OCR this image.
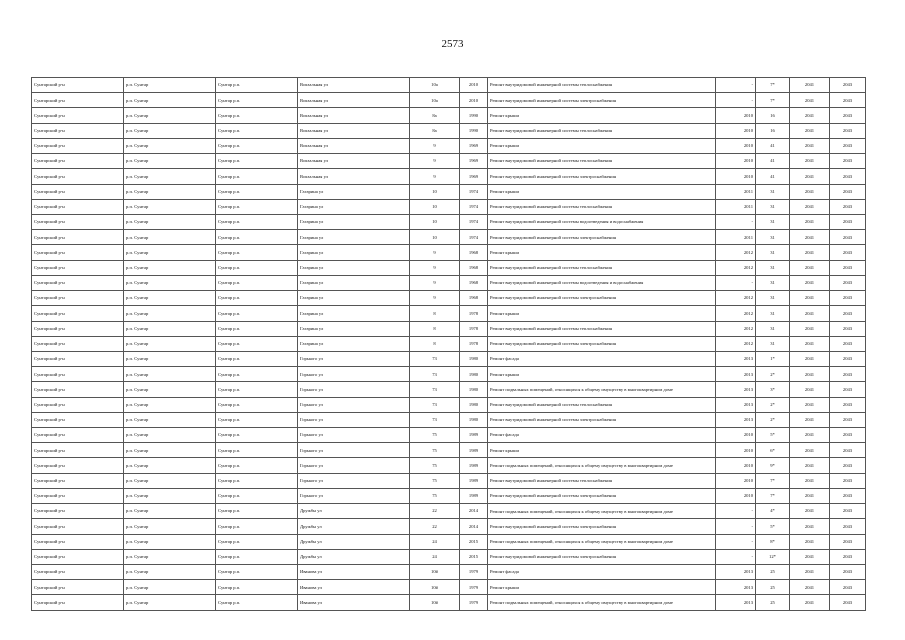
2573
Сунтарский р-н	р.п. Сунтар	Сунтар р.п.	Вокзальная ул	10а	2010	Ремонт внутридомовой инженерной системы теплоснабжения	-	7*	2041	2043
Сунтарский р-н	р.п. Сунтар	Сунтар р.п.	Вокзальная ул	10а	2010	Ремонт внутридомовой инженерной системы электроснабжения	-	7*	2041	2043
Сунтарский р-н	р.п. Сунтар	Сунтар р.п.	Вокзальная ул	8а	1990	Ремонт крыши	2010	16	2041	2043
Сунтарский р-н	р.п. Сунтар	Сунтар р.п.	Вокзальная ул	8а	1990	Ремонт внутридомовой инженерной системы теплоснабжения	2010	16	2041	2043
Сунтарский р-н	р.п. Сунтар	Сунтар р.п.	Вокзальная ул	9	1969	Ремонт крыши	2010	41	2041	2043
Сунтарский р-н	р.п. Сунтар	Сунтар р.п.	Вокзальная ул	9	1969	Ремонт внутридомовой инженерной системы теплоснабжения	2010	41	2041	2043
Сунтарский р-н	р.п. Сунтар	Сунтар р.п.	Вокзальная ул	9	1969	Ремонт внутридомовой инженерной системы электроснабжения	2010	41	2041	2043
Сунтарский р-н	р.п. Сунтар	Сунтар р.п.	Гагарина ул	10	1974	Ремонт крыши	2011	31	2041	2043
Сунтарский р-н	р.п. Сунтар	Сунтар р.п.	Гагарина ул	10	1974	Ремонт внутридомовой инженерной системы теплоснабжения	2011	31	2041	2043
Сунтарский р-н	р.п. Сунтар	Сунтар р.п.	Гагарина ул	10	1974	Ремонт внутридомовой инженерной системы водоотведения и водоснабжения	-	31	2041	2043
Сунтарский р-н	р.п. Сунтар	Сунтар р.п.	Гагарина ул	10	1974	Ремонт внутридомовой инженерной системы электроснабжения	2011	31	2041	2043
Сунтарский р-н	р.п. Сунтар	Сунтар р.п.	Гагарина ул	9	1968	Ремонт крыши	2012	31	2041	2043
Сунтарский р-н	р.п. Сунтар	Сунтар р.п.	Гагарина ул	9	1968	Ремонт внутридомовой инженерной системы теплоснабжения	2012	31	2041	2043
Сунтарский р-н	р.п. Сунтар	Сунтар р.п.	Гагарина ул	9	1968	Ремонт внутридомовой инженерной системы водоотведения и водоснабжения	-	31	2041	2043
Сунтарский р-н	р.п. Сунтар	Сунтар р.п.	Гагарина ул	9	1968	Ремонт внутридомовой инженерной системы электроснабжения	2012	31	2041	2043
Сунтарский р-н	р.п. Сунтар	Сунтар р.п.	Гагарина ул	8	1978	Ремонт крыши	2012	31	2041	2043
Сунтарский р-н	р.п. Сунтар	Сунтар р.п.	Гагарина ул	8	1978	Ремонт внутридомовой инженерной системы теплоснабжения	2012	31	2041	2043
Сунтарский р-н	р.п. Сунтар	Сунтар р.п.	Гагарина ул	8	1978	Ремонт внутридомовой инженерной системы электроснабжения	2012	31	2041	2043
Сунтарский р-н	р.п. Сунтар	Сунтар р.п.	Горького ул	73	1980	Ремонт фасада	2013	1*	2041	2043
Сунтарский р-н	р.п. Сунтар	Сунтар р.п.	Горького ул	73	1980	Ремонт крыши	2013	2*	2041	2043
Сунтарский р-н	р.п. Сунтар	Сунтар р.п.	Горького ул	73	1980	Ремонт подвальных помещений, относящихся к общему имуществу в многоквартирном доме	2013	3*	2041	2043
Сунтарский р-н	р.п. Сунтар	Сунтар р.п.	Горького ул	73	1980	Ремонт внутридомовой инженерной системы теплоснабжения	2013	2*	2041	2043
Сунтарский р-н	р.п. Сунтар	Сунтар р.п.	Горького ул	73	1980	Ремонт внутридомовой инженерной системы электроснабжения	2013	2*	2041	2043
Сунтарский р-н	р.п. Сунтар	Сунтар р.п.	Горького ул	75	1989	Ремонт фасада	2010	5*	2041	2043
Сунтарский р-н	р.п. Сунтар	Сунтар р.п.	Горького ул	75	1989	Ремонт крыши	2010	6*	2041	2043
Сунтарский р-н	р.п. Сунтар	Сунтар р.п.	Горького ул	75	1989	Ремонт подвальных помещений, относящихся к общему имуществу в многоквартирном доме	2010	9*	2041	2043
Сунтарский р-н	р.п. Сунтар	Сунтар р.п.	Горького ул	75	1989	Ремонт внутридомовой инженерной системы теплоснабжения	2010	7*	2041	2043
Сунтарский р-н	р.п. Сунтар	Сунтар р.п.	Горького ул	75	1989	Ремонт внутридомовой инженерной системы электроснабжения	2010	7*	2041	2043
Сунтарский р-н	р.п. Сунтар	Сунтар р.п.	Дружбы ул	22	2014	Ремонт подвальных помещений, относящихся к общему имуществу в многоквартирном доме	-	4*	2041	2043
Сунтарский р-н	р.п. Сунтар	Сунтар р.п.	Дружбы ул	22	2014	Ремонт внутридомовой инженерной системы электроснабжения	-	5*	2041	2043
Сунтарский р-н	р.п. Сунтар	Сунтар р.п.	Дружбы ул	24	2015	Ремонт подвальных помещений, относящихся к общему имуществу в многоквартирном доме	-	8*	2041	2043
Сунтарский р-н	р.п. Сунтар	Сунтар р.п.	Дружбы ул	24	2015	Ремонт внутридомовой инженерной системы электроснабжения	-	12*	2041	2043
Сунтарский р-н	р.п. Сунтар	Сунтар р.п.	Иванова ул	10#	1979	Ремонт фасада	2013	25	2041	2043
Сунтарский р-н	р.п. Сунтар	Сунтар р.п.	Иванова ул	10#	1979	Ремонт крыши	2013	25	2041	2043
Сунтарский р-н	р.п. Сунтар	Сунтар р.п.	Иванова ул	10#	1979	Ремонт подвальных помещений, относящихся к общему имуществу в многоквартирном доме	2013	25	2041	2043
